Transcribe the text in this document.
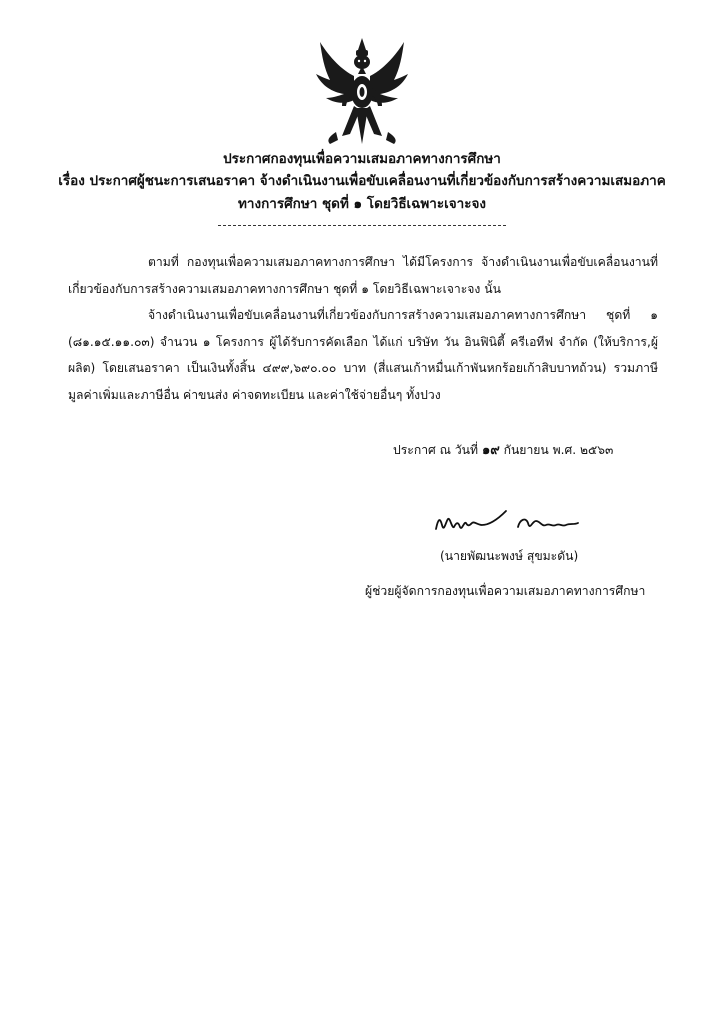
ประกาศกองทุนเพื่อความเสมอภาคทางการศึกษา
เรื่อง ประกาศผู้ชนะการเสนอราคา จ้างดำเนินงานเพื่อขับเคลื่อนงานที่เกี่ยวข้องกับการสร้างความเสมอภาค
ทางการศึกษา ชุดที่ ๑ โดยวิธีเฉพาะเจาะจง
ตามที่ กองทุนเพื่อความเสมอภาคทางการศึกษา ได้มีโครงการ จ้างดำเนินงานเพื่อขับเคลื่อนงานที่เกี่ยวข้องกับการสร้างความเสมอภาคทางการศึกษา ชุดที่ ๑ โดยวิธีเฉพาะเจาะจง นั้น
จ้างดำเนินงานเพื่อขับเคลื่อนงานที่เกี่ยวข้องกับการสร้างความเสมอภาคทางการศึกษา ชุดที่ ๑ (๘๑.๑๕.๑๑.๐๓) จำนวน ๑ โครงการ ผู้ได้รับการคัดเลือก ได้แก่ บริษัท วัน อินฟินิตี้ ครีเอทีฟ จำกัด (ให้บริการ,ผู้ผลิต) โดยเสนอราคา เป็นเงินทั้งสิ้น ๔๙๙,๖๙๐.๐๐ บาท (สี่แสนเก้าหมื่นเก้าพันหกร้อยเก้าสิบบาทถ้วน) รวมภาษีมูลค่าเพิ่มและภาษีอื่น ค่าขนส่ง ค่าจดทะเบียน และค่าใช้จ่ายอื่นๆ ทั้งปวง
ประกาศ ณ วันที่ ๑๙ กันยายน พ.ศ. ๒๕๖๓
(นายพัฒนะพงษ์ สุขมะดัน)
ผู้ช่วยผู้จัดการกองทุนเพื่อความเสมอภาคทางการศึกษา
